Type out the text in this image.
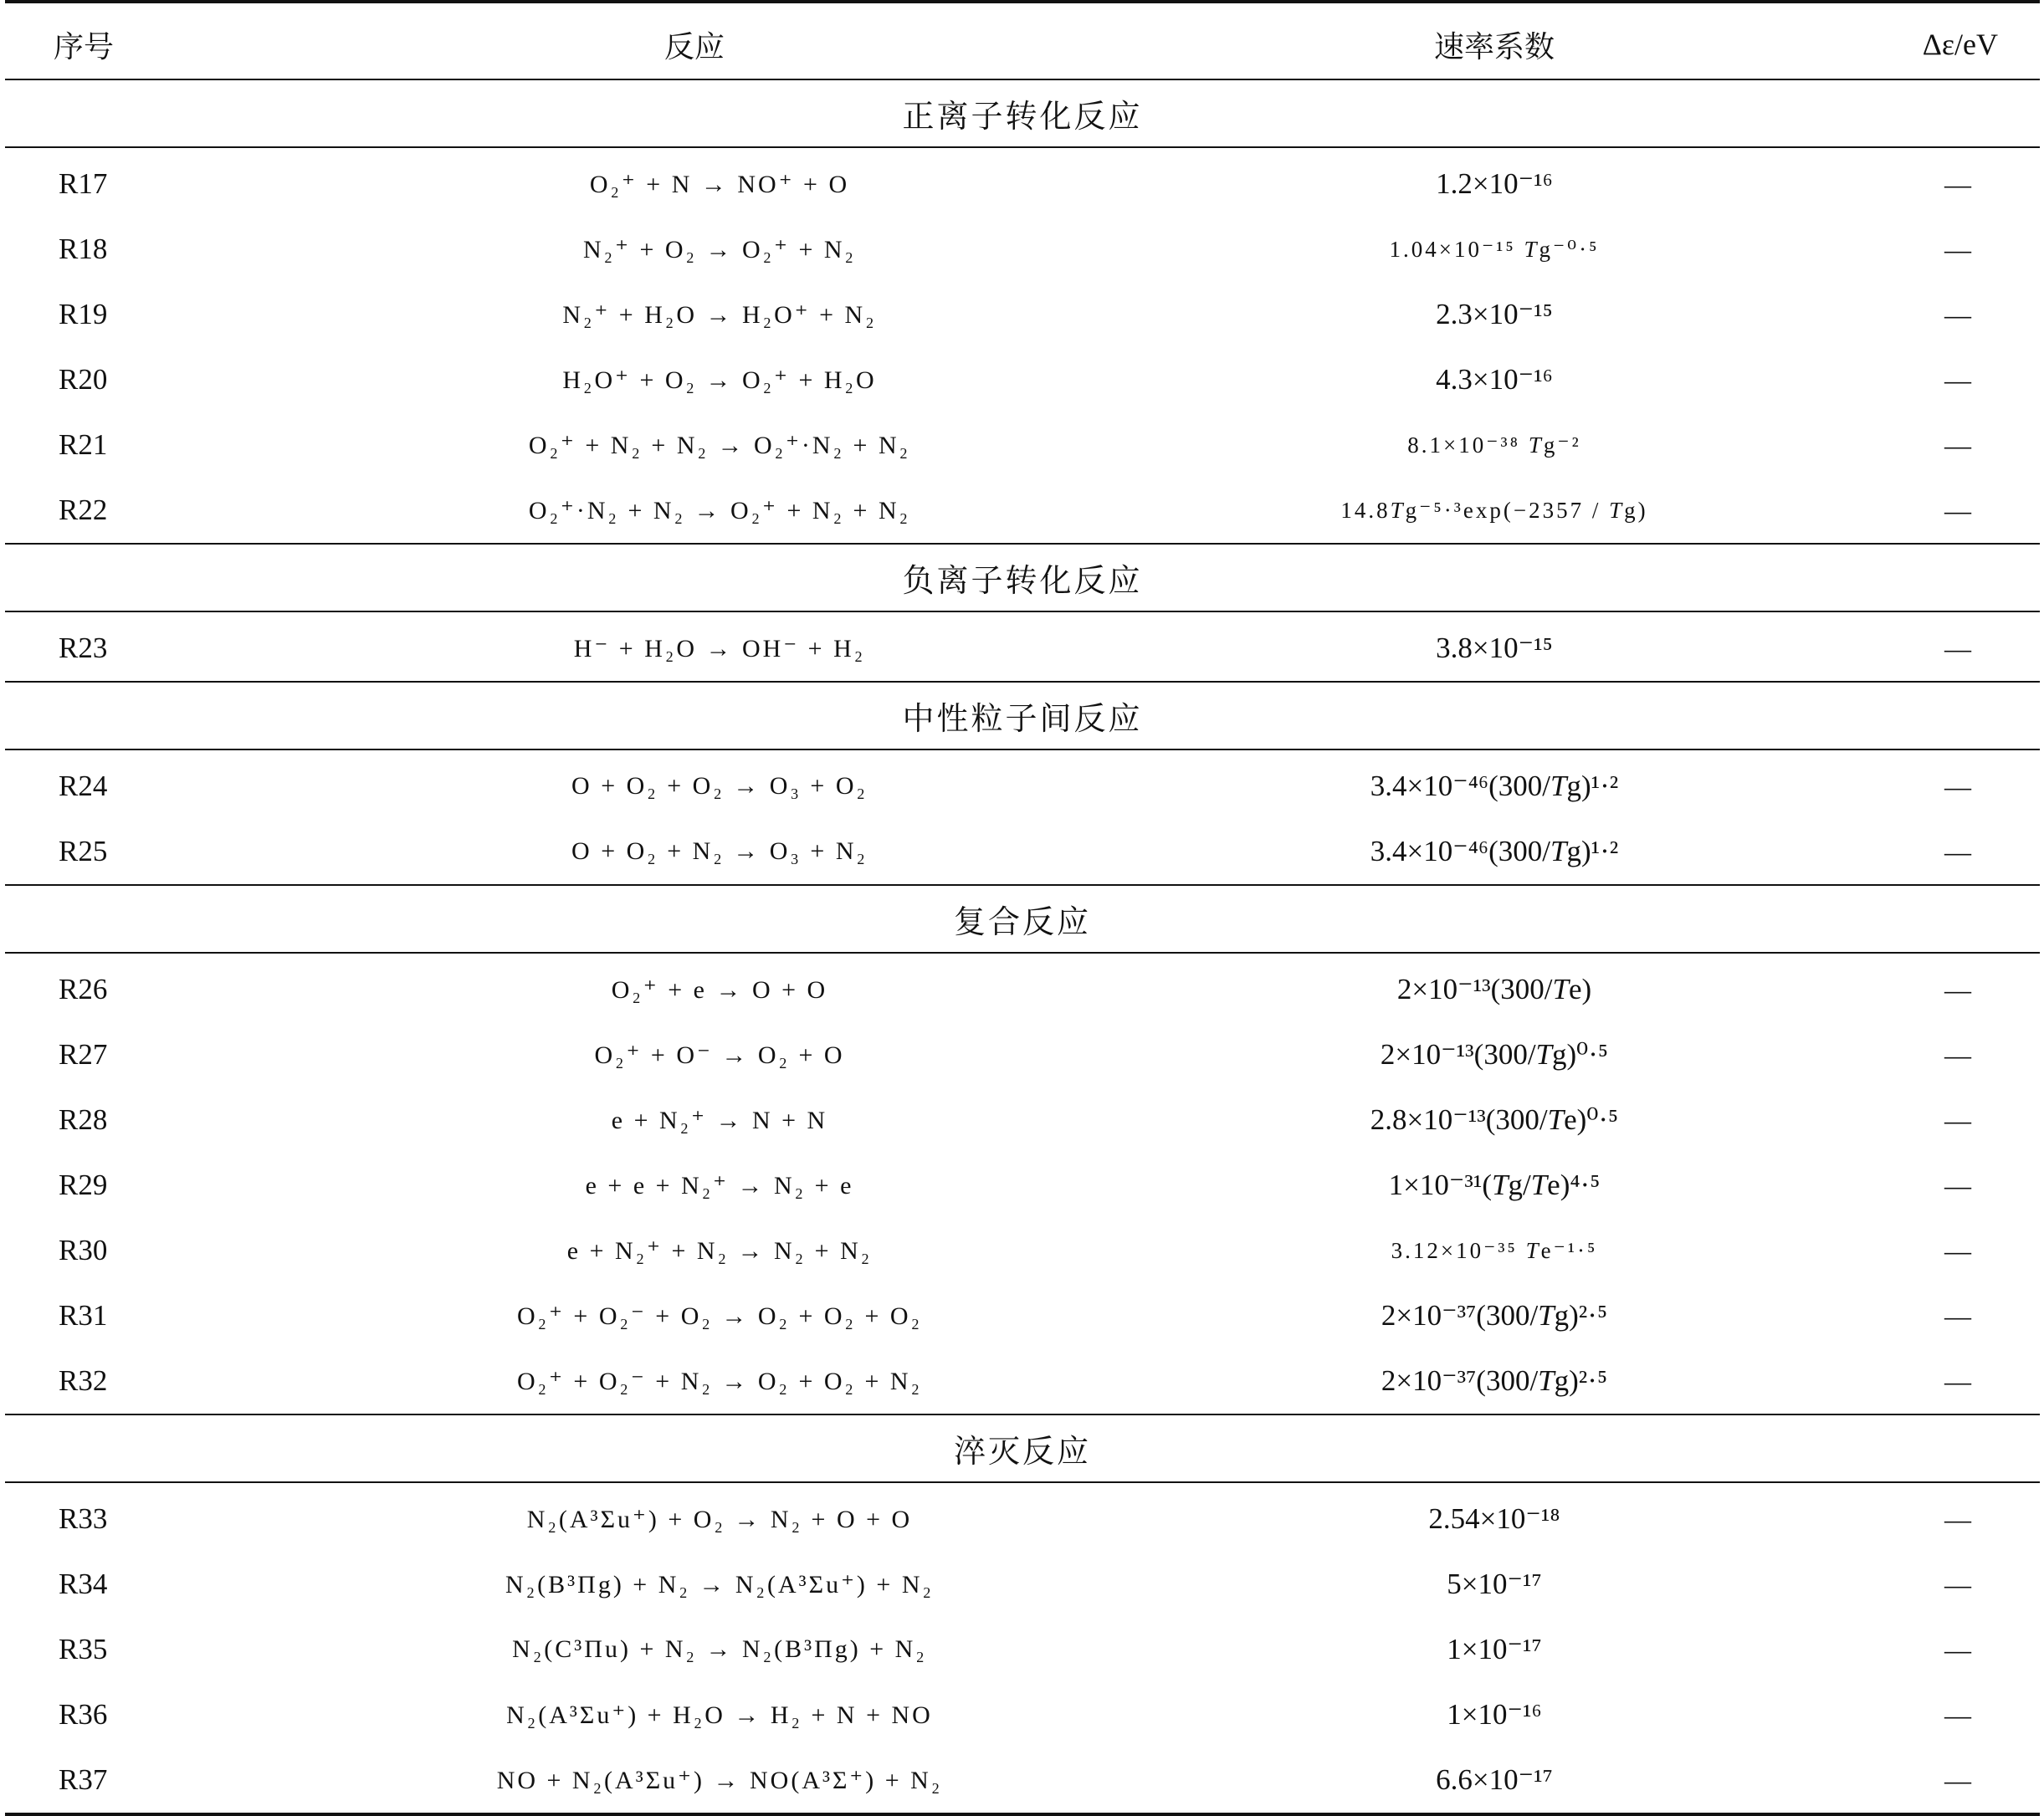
序号	反应	速率系数	Δε/eV
正离子转化反应			
R17	O₂⁺ + N → NO⁺ + O	1.2×10⁻¹⁶	—
R18	N₂⁺ + O₂ → O₂⁺ + N₂	1.04×10⁻¹⁵ Tg⁻⁰·⁵	—
R19	N₂⁺ + H₂O → H₂O⁺ + N₂	2.3×10⁻¹⁵	—
R20	H₂O⁺ + O₂ → O₂⁺ + H₂O	4.3×10⁻¹⁶	—
R21	O₂⁺ + N₂ + N₂ → O₂⁺·N₂ + N₂	8.1×10⁻³⁸ Tg⁻²	—
R22	O₂⁺·N₂ + N₂ → O₂⁺ + N₂ + N₂	14.8Tg⁻⁵·³exp(−2357 / Tg)	—
负离子转化反应			
R23	H⁻ + H₂O → OH⁻ + H₂	3.8×10⁻¹⁵	—
中性粒子间反应			
R24	O + O₂ + O₂ → O₃ + O₂	3.4×10⁻⁴⁶(300/Tg)¹·²	—
R25	O + O₂ + N₂ → O₃ + N₂	3.4×10⁻⁴⁶(300/Tg)¹·²	—
复合反应			
R26	O₂⁺ + e → O + O	2×10⁻¹³(300/Te)	—
R27	O₂⁺ + O⁻ → O₂ + O	2×10⁻¹³(300/Tg)⁰·⁵	—
R28	e + N₂⁺ → N + N	2.8×10⁻¹³(300/Te)⁰·⁵	—
R29	e + e + N₂⁺ → N₂ + e	1×10⁻³¹(Tg/Te)⁴·⁵	—
R30	e + N₂⁺ + N₂ → N₂ + N₂	3.12×10⁻³⁵ Te⁻¹·⁵	—
R31	O₂⁺ + O₂⁻ + O₂ → O₂ + O₂ + O₂	2×10⁻³⁷(300/Tg)²·⁵	—
R32	O₂⁺ + O₂⁻ + N₂ → O₂ + O₂ + N₂	2×10⁻³⁷(300/Tg)²·⁵	—
淬灭反应			
R33	N₂(A³Σu⁺) + O₂ → N₂ + O + O	2.54×10⁻¹⁸	—
R34	N₂(B³Πg) + N₂ → N₂(A³Σu⁺) + N₂	5×10⁻¹⁷	—
R35	N₂(C³Πu) + N₂ → N₂(B³Πg) + N₂	1×10⁻¹⁷	—
R36	N₂(A³Σu⁺) + H₂O → H₂ + N + NO	1×10⁻¹⁶	—
R37	NO + N₂(A³Σu⁺) → NO(A³Σ⁺) + N₂	6.6×10⁻¹⁷	—
